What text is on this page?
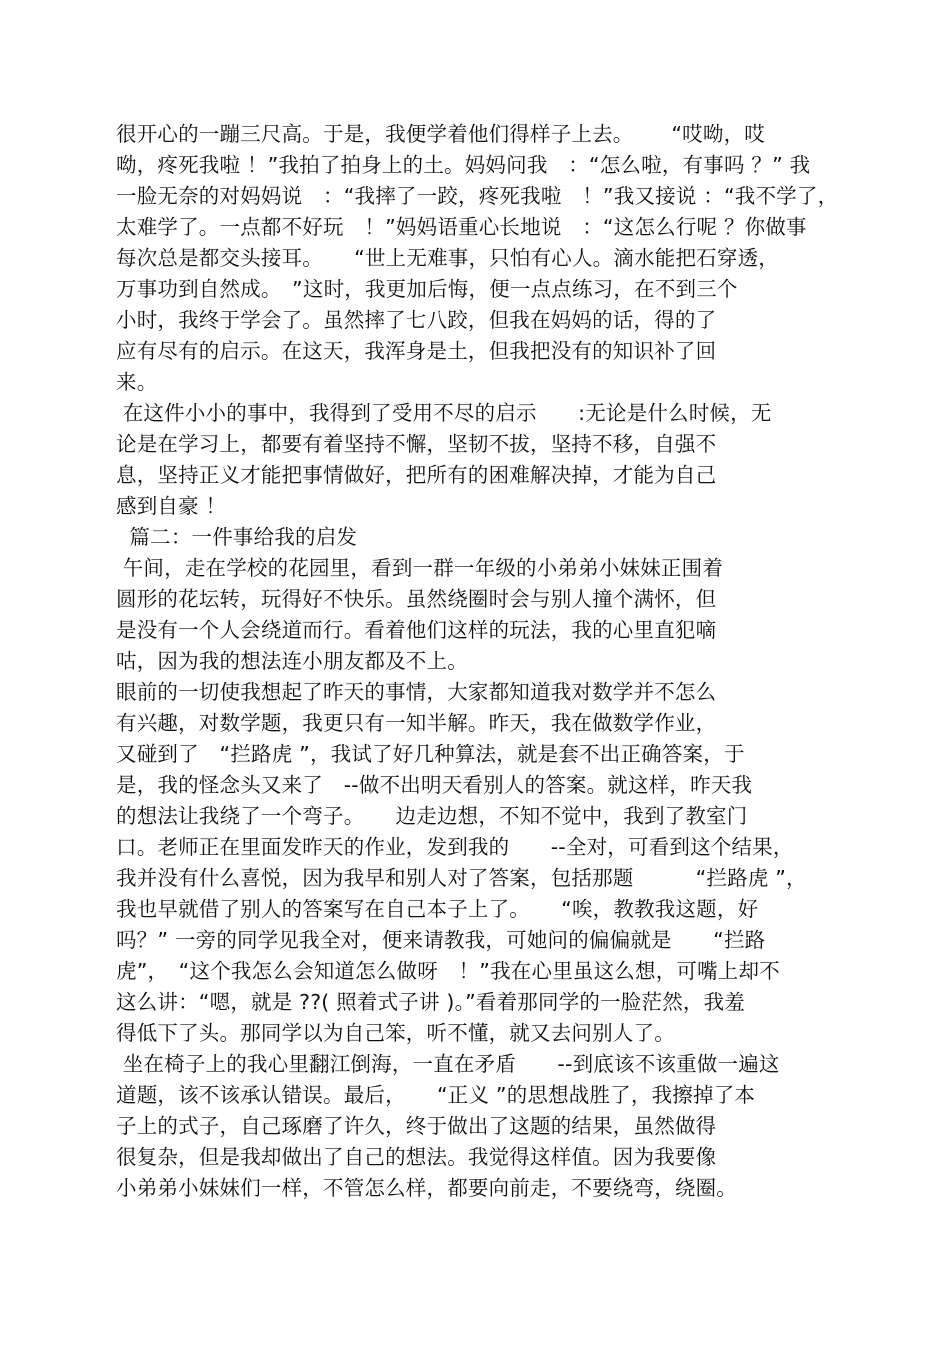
很开心的一蹦三尺高。于是，我便学着他们得样子上去。　　 “哎呦，哎
呦，疼死我啦 ！”我拍了拍身上的土。妈妈问我　：“怎么啦，有事吗 ？” 我
一脸无奈的对妈妈说　：“我摔了一跤，疼死我啦　！”我又接说 ：“我不学了，
太难学了。一点都不好玩　！”妈妈语重心长地说　：“这怎么行呢 ？你做事
每次总是都交头接耳。　　“世上无难事，只怕有心人。滴水能把石穿透，
万事功到自然成。　”这时，我更加后悔，便一点点练习，在不到三个
小时，我终于学会了。虽然摔了七八跤，但我在妈妈的话，得的了
应有尽有的启示。在这天，我浑身是土，但我把没有的知识补了回
来。
在这件小小的事中，我得到了受用不尽的启示　　:无论是什么时候，无
论是在学习上，都要有着坚持不懈，坚韧不拔，坚持不移，自强不
息，坚持正义才能把事情做好，把所有的困难解决掉，才能为自己
感到自豪 ！
篇二：一件事给我的启发
午间，走在学校的花园里，看到一群一年级的小弟弟小妹妹正围着
圆形的花坛转，玩得好不快乐。虽然绕圈时会与别人撞个满怀，但
是没有一个人会绕道而行。看着他们这样的玩法，我的心里直犯嘀
咕，因为我的想法连小朋友都及不上。
眼前的一切使我想起了昨天的事情，大家都知道我对数学并不怎么
有兴趣，对数学题，我更只有一知半解。昨天，我在做数学作业，
又碰到了　“拦路虎 ”，我试了好几种算法，就是套不出正确答案，于
是，我的怪念头又来了　--做不出明天看别人的答案。就这样，昨天我
的想法让我绕了一个弯子。　　边走边想，不知不觉中，我到了教室门
口。老师正在里面发昨天的作业，发到我的　　--全对，可看到这个结果，
我并没有什么喜悦，因为我早和别人对了答案，包括那题　　　“拦路虎 ”，
我也早就借了别人的答案写在自己本子上了。　　“唉，教教我这题，好
吗？” 一旁的同学见我全对，便来请教我，可她问的偏偏就是　　“拦路
虎”，　“这个我怎么会知道怎么做呀　！”我在心里虽这么想，可嘴上却不
这么讲：“嗯，就是 ??( 照着式子讲 )。”看着那同学的一脸茫然，我羞
得低下了头。那同学以为自己笨，听不懂，就又去问别人了。
坐在椅子上的我心里翻江倒海，一直在矛盾　　--到底该不该重做一遍这
道题，该不该承认错误。最后，　　“正义 ”的思想战胜了，我擦掉了本
子上的式子，自己琢磨了许久，终于做出了这题的结果，虽然做得
很复杂，但是我却做出了自己的想法。我觉得这样值。因为我要像
小弟弟小妹妹们一样，不管怎么样，都要向前走，不要绕弯，绕圈。
